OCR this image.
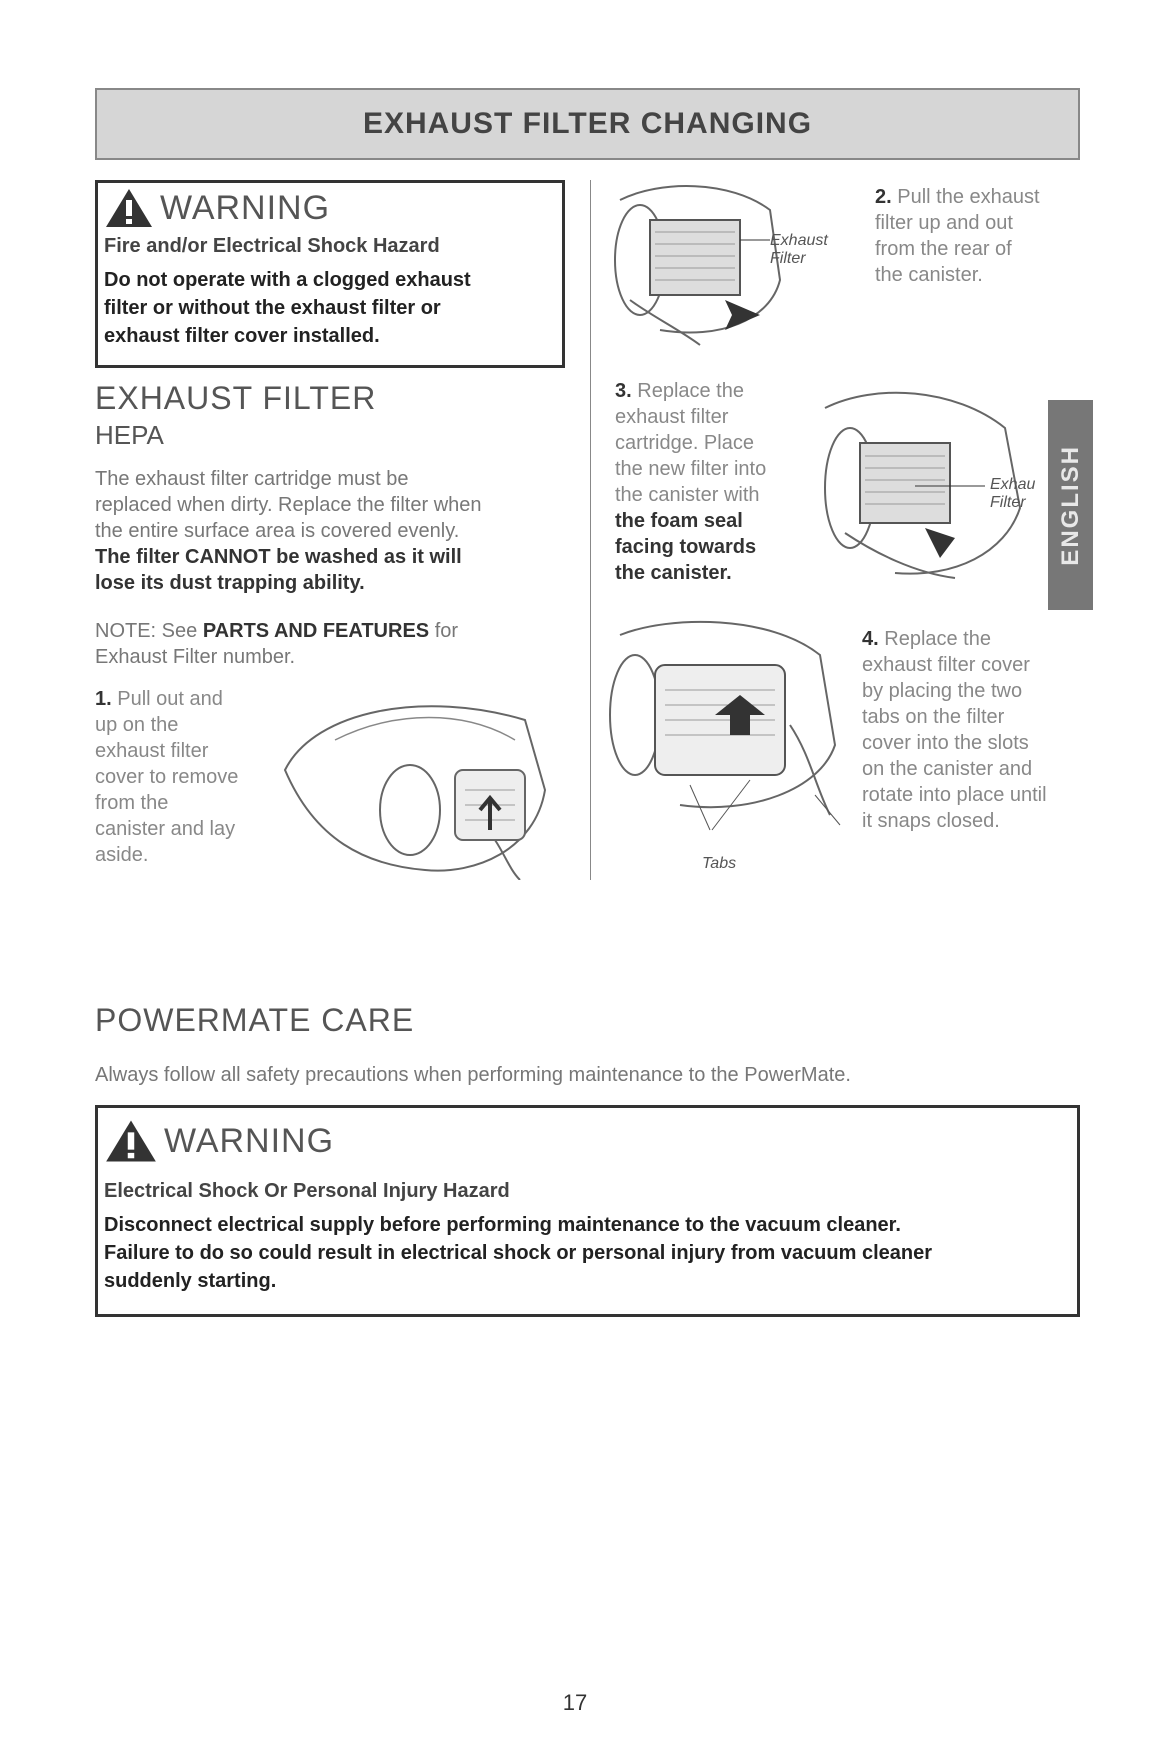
EXHAUST FILTER CHANGING
WARNING
Fire and/or Electrical Shock Hazard
Do not operate with a clogged exhaust
filter or without the exhaust filter or
exhaust filter cover installed.
EXHAUST FILTER
HEPA
The exhaust filter cartridge must be
replaced when dirty. Replace the filter when
the entire surface area is covered evenly.
The filter CANNOT be washed as it will
lose its dust trapping ability.
NOTE: See PARTS AND FEATURES for
Exhaust Filter number.
1. Pull out and
up on the
exhaust filter
cover to remove
from the
canister and lay
aside.
Exhaust
Filter
2. Pull the exhaust
filter up and out
from the rear of
the canister.
3. Replace the
exhaust filter
cartridge. Place
the new filter into
the canister with
the foam seal
facing towards
the canister.
Exhau
Filter	ENGLISH
Tabs
4. Replace the
exhaust filter cover
by placing the two
tabs on the filter
cover into the slots
on the canister and
rotate into place until
it snaps closed.
POWERMATE CARE
Always follow all safety precautions when performing maintenance to the PowerMate.
WARNING
Electrical Shock Or Personal Injury Hazard
Disconnect electrical supply before performing maintenance to the vacuum cleaner.
Failure to do so could result in electrical shock or personal injury from vacuum cleaner
suddenly starting.
17
